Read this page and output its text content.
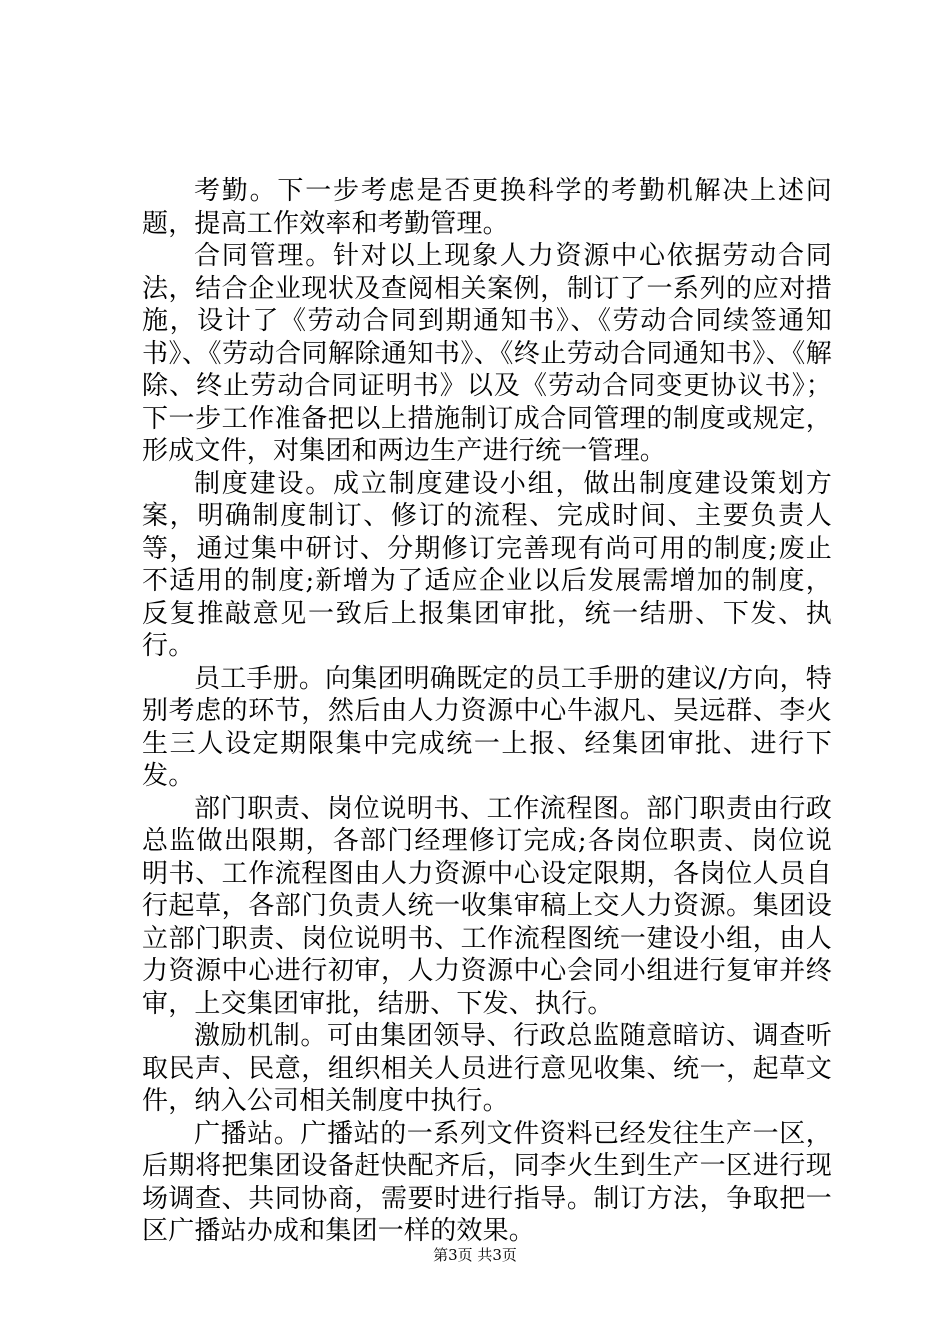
考勤。下一步考虑是否更换科学的考勤机解决上述问题，提高工作效率和考勤管理。

合同管理。针对以上现象人力资源中心依据劳动合同法，结合企业现状及查阅相关案例，制订了一系列的应对措施，设计了《劳动合同到期通知书》、《劳动合同续签通知书》、《劳动合同解除通知书》、《终止劳动合同通知书》、《解除、终止劳动合同证明书》以及《劳动合同变更协议书》；下一步工作准备把以上措施制订成合同管理的制度或规定，形成文件，对集团和两边生产进行统一管理。

制度建设。成立制度建设小组，做出制度建设策划方案，明确制度制订、修订的流程、完成时间、主要负责人等，通过集中研讨、分期修订完善现有尚可用的制度;废止不适用的制度;新增为了适应企业以后发展需增加的制度，反复推敲意见一致后上报集团审批，统一结册、下发、执行。

员工手册。向集团明确既定的员工手册的建议/方向，特别考虑的环节，然后由人力资源中心牛淑凡、吴远群、李火生三人设定期限集中完成统一上报、经集团审批、进行下发。

部门职责、岗位说明书、工作流程图。部门职责由行政总监做出限期，各部门经理修订完成;各岗位职责、岗位说明书、工作流程图由人力资源中心设定限期，各岗位人员自行起草，各部门负责人统一收集审稿上交人力资源。集团设立部门职责、岗位说明书、工作流程图统一建设小组，由人力资源中心进行初审，人力资源中心会同小组进行复审并终审，上交集团审批，结册、下发、执行。

激励机制。可由集团领导、行政总监随意暗访、调查听取民声、民意，组织相关人员进行意见收集、统一，起草文件，纳入公司相关制度中执行。

广播站。广播站的一系列文件资料已经发往生产一区，后期将把集团设备赶快配齐后，同李火生到生产一区进行现场调查、共同协商，需要时进行指导。制订方法，争取把一区广播站办成和集团一样的效果。

第3页 共3页
